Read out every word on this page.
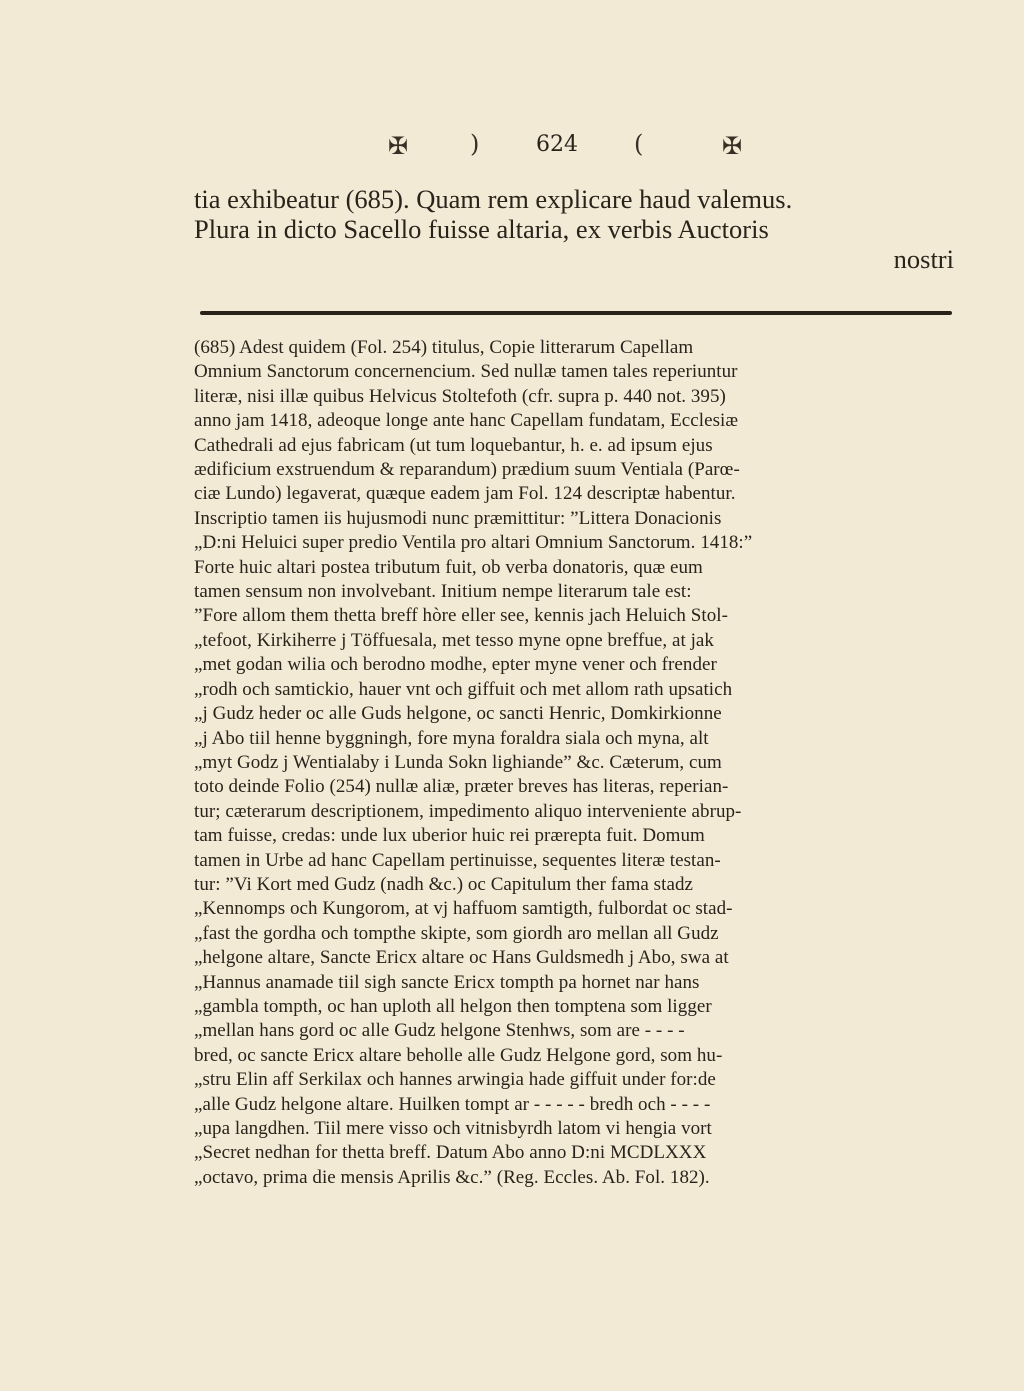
✠	)	624 (	✠

tia exhibeatur (685). Quam rem explicare haud valemus.

Plura in dicto Sacello fuisse altaria, ex verbis Auctoris

nostri

(685) Adest quidem (Fol. 254) titulus, Copie litterarum Capellam

Omnium Sanctorum concernencium. Sed nullæ tamen tales reperiuntur

literæ, nisi illæ quibus Helvicus Stoltefoth (cfr. supra p. 440 not. 395)

anno jam 1418, adeoque longe ante hanc Capellam fundatam, Ecclesiæ

Cathedrali ad ejus fabricam (ut tum loquebantur, h. e. ad ipsum ejus

ædificium exstruendum & reparandum) prædium suum Ventiala (Parœ-

ciæ Lundo) legaverat, quæque eadem jam Fol. 124 descriptæ habentur.

Inscriptio tamen iis hujusmodi nunc præmittitur: ”Littera Donacionis

„D:ni Heluici super predio Ventila pro altari Omnium Sanctorum. 1418:”

Forte huic altari postea tributum fuit, ob verba donatoris, quæ eum

tamen sensum non involvebant. Initium nempe literarum tale est:

”Fore allom them thetta breff hòre eller see, kennis jach Heluich Stol-

„tefoot, Kirkiherre j Töffuesala, met tesso myne opne breffue, at jak

„met godan wilia och berodno modhe, epter myne vener och frender

„rodh och samtickio, hauer vnt och giffuit och met allom rath upsatich

„j Gudz heder oc alle Guds helgone, oc sancti Henric, Domkirkionne

„j Abo tiil henne byggningh, fore myna foraldra siala och myna, alt

„myt Godz j Wentialaby i Lunda Sokn lighiande” &c. Cæterum, cum

toto deinde Folio (254) nullæ aliæ, præter breves has literas, reperian-

tur; cæterarum descriptionem, impedimento aliquo interveniente abrup-

tam fuisse, credas: unde lux uberior huic rei prærepta fuit. Domum

tamen in Urbe ad hanc Capellam pertinuisse, sequentes literæ testan-

tur: ”Vi Kort med Gudz (nadh &c.) oc Capitulum ther fama stadz

„Kennomps och Kungorom, at vj haffuom samtigth, fulbordat oc stad-

„fast the gordha och tompthe skipte, som giordh aro mellan all Gudz

„helgone altare, Sancte Ericx altare oc Hans Guldsmedh j Abo, swa at

„Hannus anamade tiil sigh sancte Ericx tompth pa hornet nar hans

„gambla tompth, oc han uploth all helgon then tomptena som ligger

„mellan hans gord oc alle Gudz helgone Stenhws, som are - - - -

bred, oc sancte Ericx altare beholle alle Gudz Helgone gord, som hu-

„stru Elin aff Serkilax och hannes arwingia hade giffuit under for:de

„alle Gudz helgone altare. Huilken tompt ar - - - - - bredh och - - - -

„upa langdhen. Tiil mere visso och vitnisbyrdh latom vi hengia vort

„Secret nedhan for thetta breff. Datum Abo anno D:ni MCDLXXX

„octavo, prima die mensis Aprilis &c.” (Reg. Eccles. Ab. Fol. 182).
